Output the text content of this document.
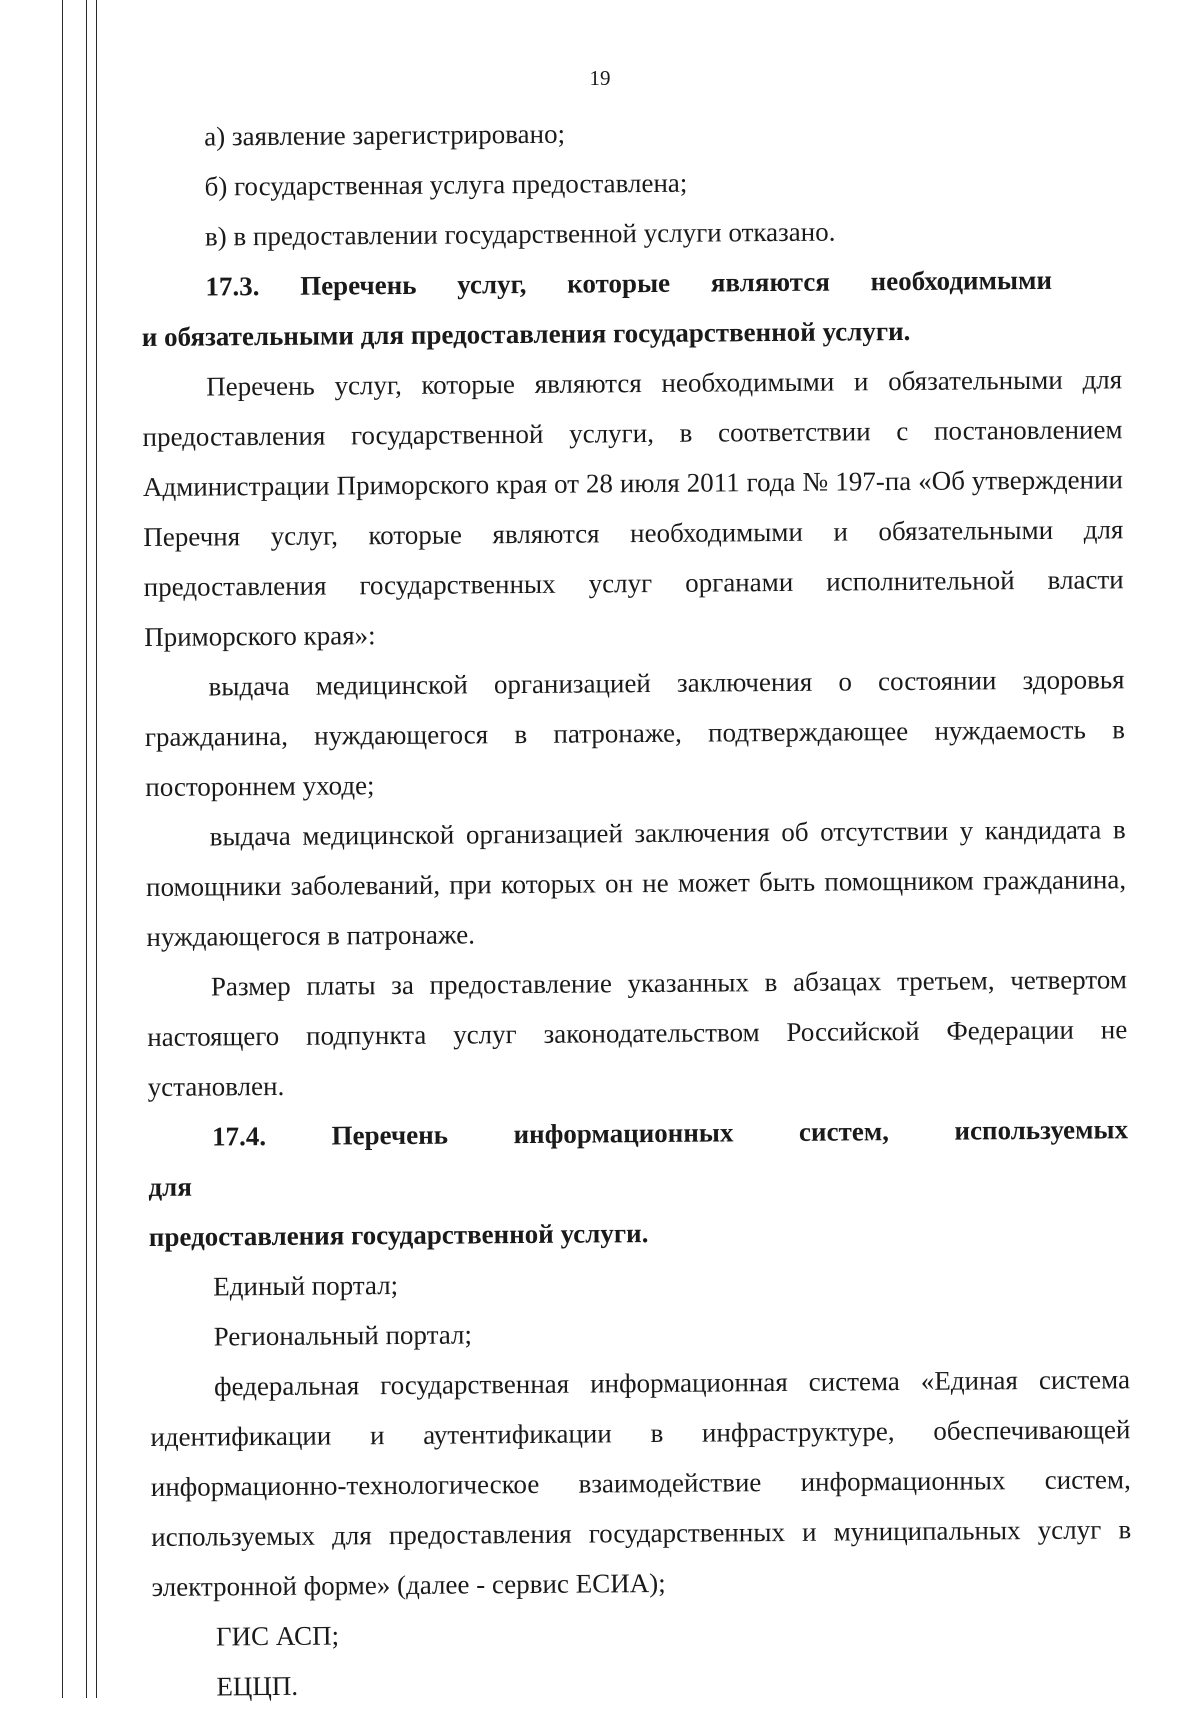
19

а) заявление зарегистрировано;

б) государственная услуга предоставлена;

в) в предоставлении государственной услуги отказано.

17.3. Перечень услуг, которые являются необходимыми

и обязательными для предоставления государственной услуги.

Перечень услуг, которые являются необходимыми и обязательными для предоставления государственной услуги, в соответствии с постановлением Администрации Приморского края от 28 июля 2011 года № 197-па «Об утверждении Перечня услуг, которые являются необходимыми и обязательными для предоставления государственных услуг органами исполнительной власти Приморского края»:

выдача медицинской организацией заключения о состоянии здоровья гражданина, нуждающегося в патронаже, подтверждающее нуждаемость в постороннем уходе;

выдача медицинской организацией заключения об отсутствии у кандидата в помощники заболеваний, при которых он не может быть помощником гражданина, нуждающегося в патронаже.

Размер платы за предоставление указанных в абзацах третьем, четвертом настоящего подпункта услуг законодательством Российской Федерации не установлен.

17.4. Перечень информационных систем, используемых для

предоставления государственной услуги.

Единый портал;

Региональный портал;

федеральная государственная информационная система «Единая система идентификации и аутентификации в инфраструктуре, обеспечивающей информационно-технологическое взаимодействие информационных систем, используемых для предоставления государственных и муниципальных услуг в электронной форме» (далее - сервис ЕСИА);

ГИС АСП;

ЕЦЦП.
